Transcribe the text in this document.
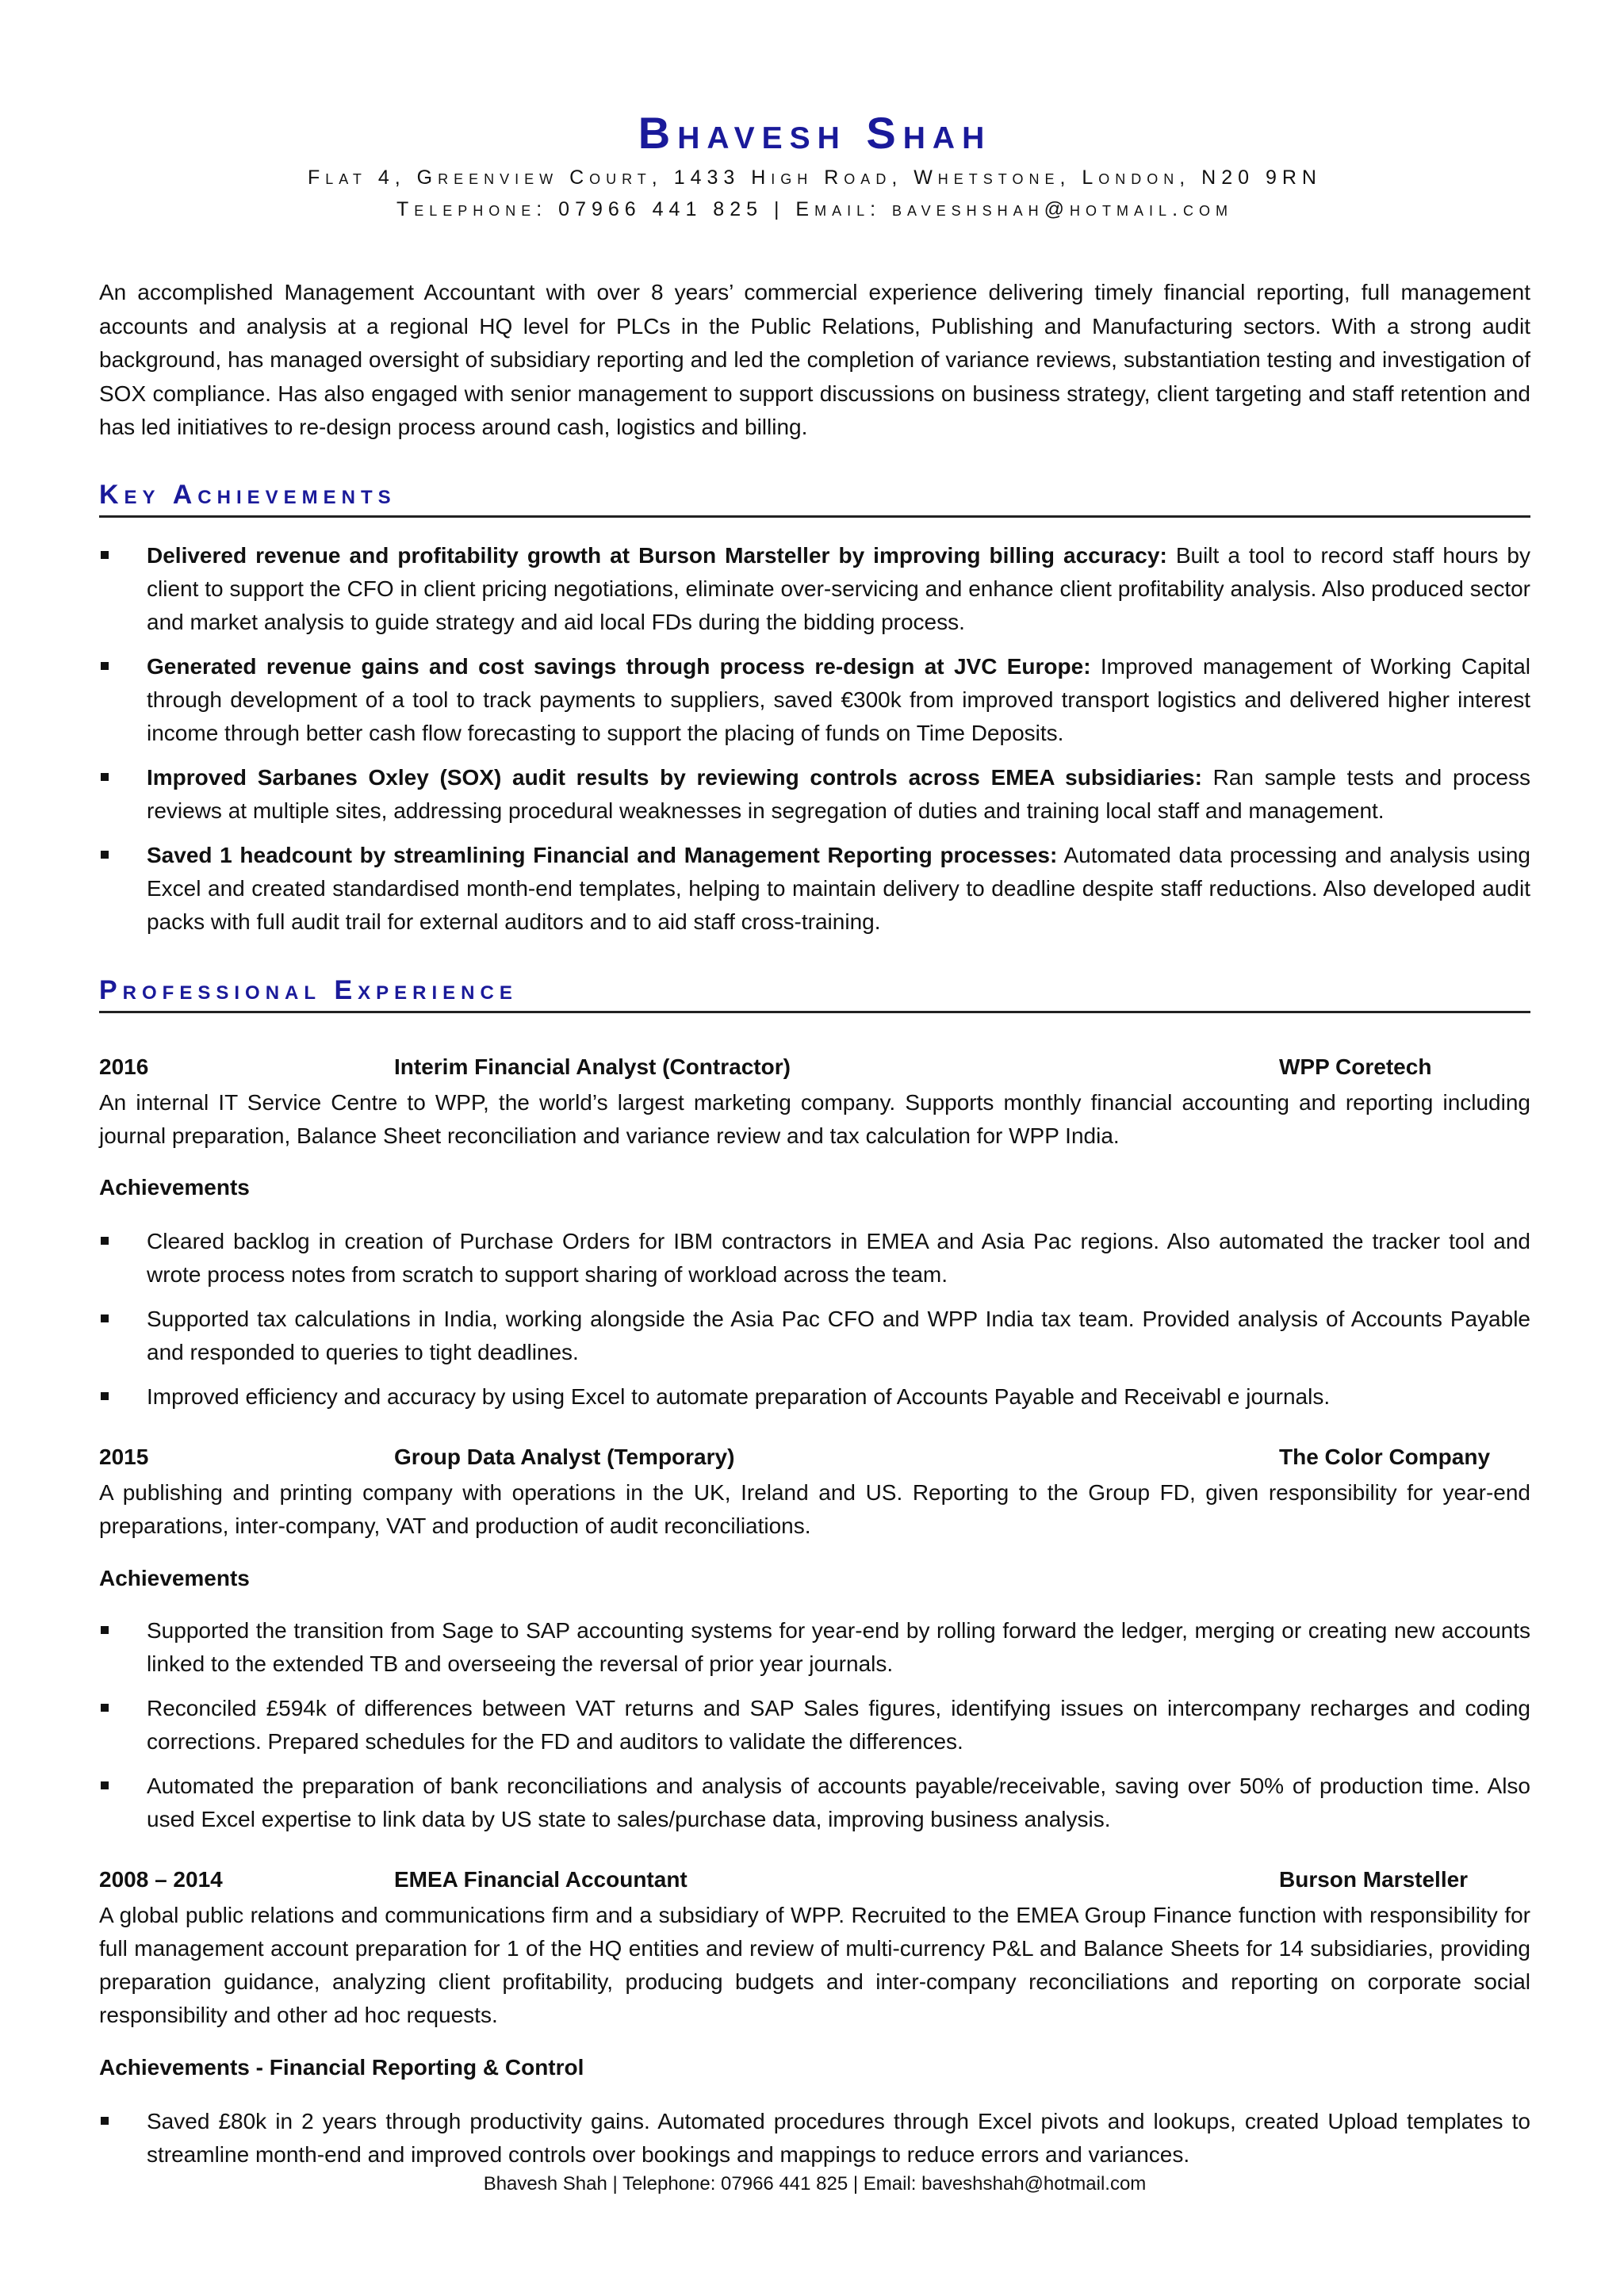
Bhavesh Shah
Flat 4, Greenview Court, 1433 High Road, Whetstone, London, N20 9RN
Telephone: 07966 441 825 | Email: baveshshah@hotmail.com
An accomplished Management Accountant with over 8 years’ commercial experience delivering timely financial reporting, full management accounts and analysis at a regional HQ level for PLCs in the Public Relations, Publishing and Manufacturing sectors. With a strong audit background, has managed oversight of subsidiary reporting and led the completion of variance reviews, substantiation testing and investigation of SOX compliance. Has also engaged with senior management to support discussions on business strategy, client targeting and staff retention and has led initiatives to re-design process around cash, logistics and billing.
Key Achievements
Delivered revenue and profitability growth at Burson Marsteller by improving billing accuracy: Built a tool to record staff hours by client to support the CFO in client pricing negotiations, eliminate over-servicing and enhance client profitability analysis. Also produced sector and market analysis to guide strategy and aid local FDs during the bidding process.
Generated revenue gains and cost savings through process re-design at JVC Europe: Improved management of Working Capital through development of a tool to track payments to suppliers, saved €300k from improved transport logistics and delivered higher interest income through better cash flow forecasting to support the placing of funds on Time Deposits.
Improved Sarbanes Oxley (SOX) audit results by reviewing controls across EMEA subsidiaries: Ran sample tests and process reviews at multiple sites, addressing procedural weaknesses in segregation of duties and training local staff and management.
Saved 1 headcount by streamlining Financial and Management Reporting processes: Automated data processing and analysis using Excel and created standardised month-end templates, helping to maintain delivery to deadline despite staff reductions. Also developed audit packs with full audit trail for external auditors and to aid staff cross-training.
Professional Experience
2016	Interim Financial Analyst (Contractor)	WPP Coretech
An internal IT Service Centre to WPP, the world’s largest marketing company. Supports monthly financial accounting and reporting including journal preparation, Balance Sheet reconciliation and variance review and tax calculation for WPP India.
Achievements
Cleared backlog in creation of Purchase Orders for IBM contractors in EMEA and Asia Pac regions. Also automated the tracker tool and wrote process notes from scratch to support sharing of workload across the team.
Supported tax calculations in India, working alongside the Asia Pac CFO and WPP India tax team. Provided analysis of Accounts Payable and responded to queries to tight deadlines.
Improved efficiency and accuracy by using Excel to automate preparation of Accounts Payable and Receivabl e journals.
2015	Group Data Analyst (Temporary)	The Color Company
A publishing and printing company with operations in the UK, Ireland and US. Reporting to the Group FD, given responsibility for year-end preparations, inter-company, VAT and production of audit reconciliations.
Achievements
Supported the transition from Sage to SAP accounting systems for year-end by rolling forward the ledger, merging or creating new accounts linked to the extended TB and overseeing the reversal of prior year journals.
Reconciled £594k of differences between VAT returns and SAP Sales figures, identifying issues on intercompany recharges and coding corrections. Prepared schedules for the FD and auditors to validate the differences.
Automated the preparation of bank reconciliations and analysis of accounts payable/receivable, saving over 50% of production time. Also used Excel expertise to link data by US state to sales/purchase data, improving business analysis.
2008 – 2014	EMEA Financial Accountant	Burson Marsteller
A global public relations and communications firm and a subsidiary of WPP. Recruited to the EMEA Group Finance function with responsibility for full management account preparation for 1 of the HQ entities and review of multi-currency P&L and Balance Sheets for 14 subsidiaries, providing preparation guidance, analyzing client profitability, producing budgets and inter-company reconciliations and reporting on corporate social responsibility and other ad hoc requests.
Achievements - Financial Reporting & Control
Saved £80k in 2 years through productivity gains. Automated procedures through Excel pivots and lookups, created Upload templates to streamline month-end and improved controls over bookings and mappings to reduce errors and variances.
Bhavesh Shah | Telephone: 07966 441 825 | Email: baveshshah@hotmail.com
